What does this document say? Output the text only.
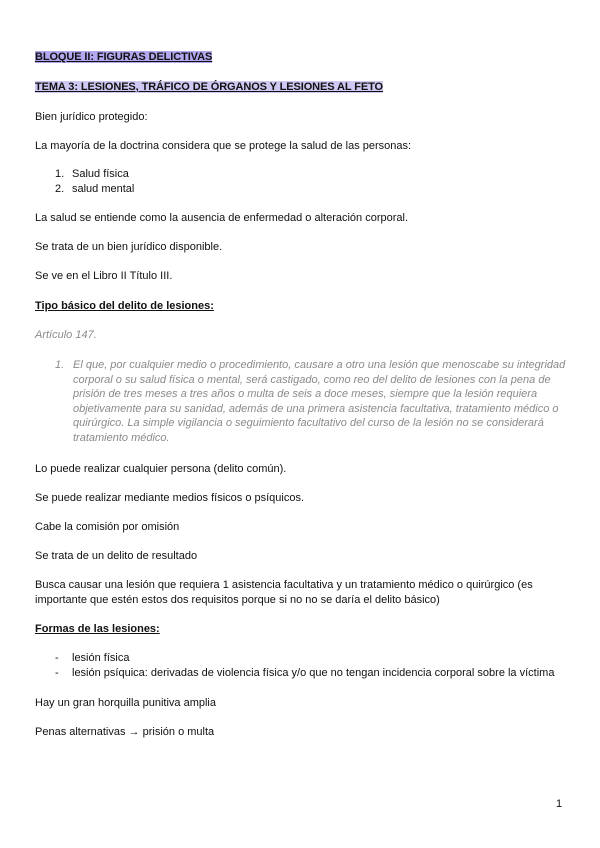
BLOQUE II: FIGURAS DELICTIVAS
TEMA 3: LESIONES, TRÁFICO DE ÓRGANOS Y LESIONES AL FETO
Bien jurídico protegido:
La mayoría de la doctrina considera que se protege la salud de las personas:
1. Salud física
2. salud mental
La salud se entiende como la ausencia de enfermedad o alteración corporal.
Se trata de un bien jurídico disponible.
Se ve en el Libro II Título III.
Tipo básico del delito de lesiones:
Artículo 147.
1. El que, por cualquier medio o procedimiento, causare a otro una lesión que menoscabe su integridad corporal o su salud física o mental, será castigado, como reo del delito de lesiones con la pena de prisión de tres meses a tres años o multa de seis a doce meses, siempre que la lesión requiera objetivamente para su sanidad, además de una primera asistencia facultativa, tratamiento médico o quirúrgico. La simple vigilancia o seguimiento facultativo del curso de la lesión no se considerará tratamiento médico.
Lo puede realizar cualquier persona (delito común).
Se puede realizar mediante medios físicos o psíquicos.
Cabe la comisión por omisión
Se trata de un delito de resultado
Busca causar una lesión que requiera 1 asistencia facultativa y un tratamiento médico o quirúrgico (es
importante que estén estos dos requisitos porque si no no se daría el delito básico)
Formas de las lesiones:
- lesión física
- lesión psíquica: derivadas de violencia física y/o que no tengan incidencia corporal sobre la víctima
Hay un gran horquilla punitiva amplia
Penas alternativas → prisión o multa
1
